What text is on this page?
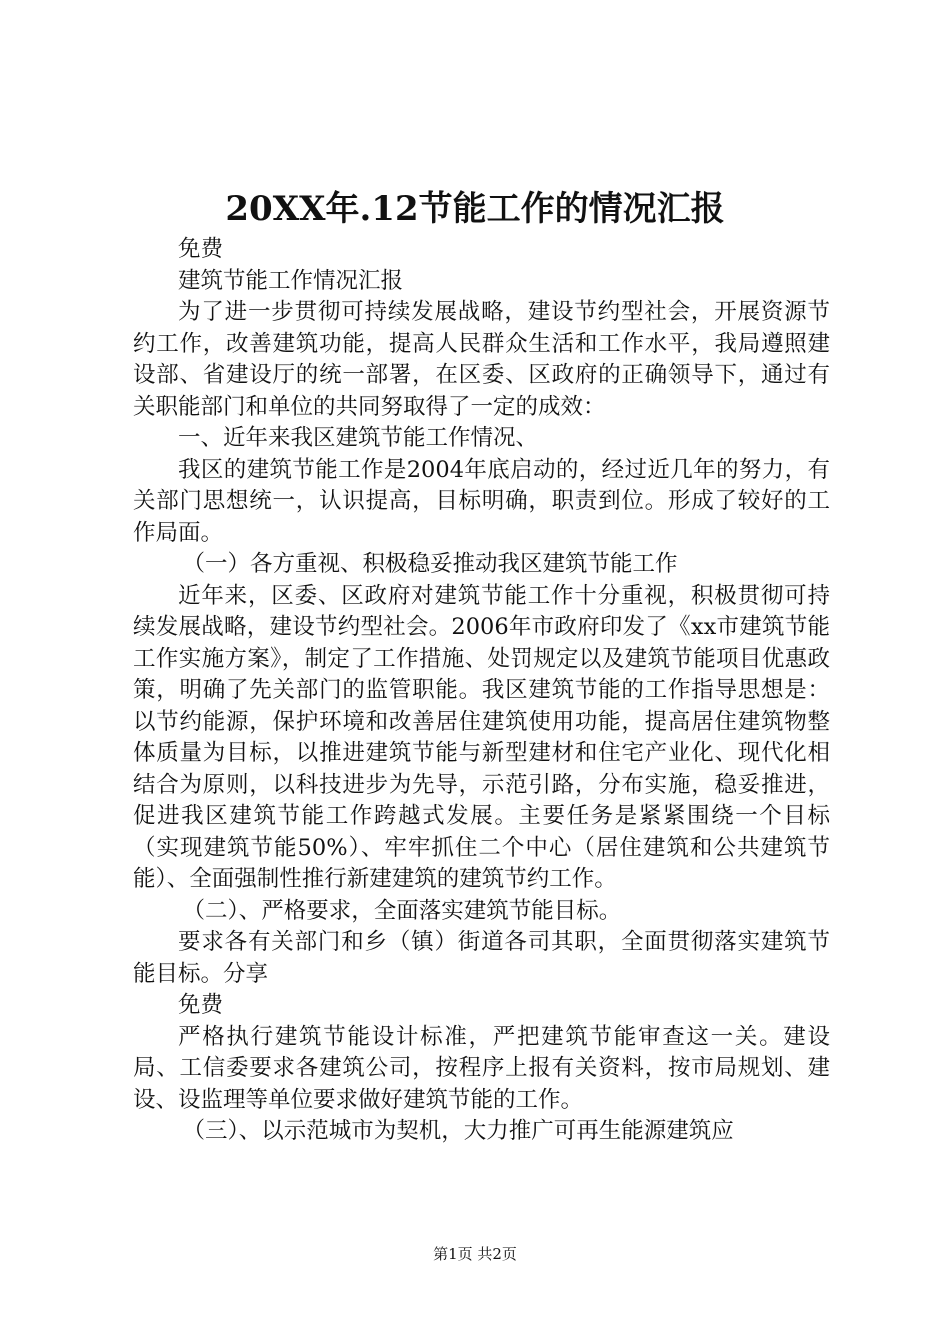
20XX年.12节能工作的情况汇报

免费

建筑节能工作情况汇报

为了进一步贯彻可持续发展战略，建设节约型社会，开展资源节约工作，改善建筑功能，提高人民群众生活和工作水平，我局遵照建设部、省建设厅的统一部署，在区委、区政府的正确领导下，通过有关职能部门和单位的共同努取得了一定的成效：

一、近年来我区建筑节能工作情况、

我区的建筑节能工作是2004年底启动的，经过近几年的努力，有关部门思想统一，认识提高，目标明确，职责到位。形成了较好的工作局面。

（一）各方重视、积极稳妥推动我区建筑节能工作

近年来，区委、区政府对建筑节能工作十分重视，积极贯彻可持续发展战略，建设节约型社会。2006年市政府印发了《xx市建筑节能工作实施方案》，制定了工作措施、处罚规定以及建筑节能项目优惠政策，明确了先关部门的监管职能。我区建筑节能的工作指导思想是：以节约能源，保护环境和改善居住建筑使用功能，提高居住建筑物整体质量为目标，以推进建筑节能与新型建材和住宅产业化、现代化相结合为原则，以科技进步为先导，示范引路，分布实施，稳妥推进，促进我区建筑节能工作跨越式发展。主要任务是紧紧围绕一个目标（实现建筑节能50%）、牢牢抓住二个中心（居住建筑和公共建筑节能）、全面强制性推行新建建筑的建筑节约工作。

（二）、严格要求，全面落实建筑节能目标。

要求各有关部门和乡（镇）街道各司其职，全面贯彻落实建筑节能目标。分享

免费

严格执行建筑节能设计标准，严把建筑节能审查这一关。建设局、工信委要求各建筑公司，按程序上报有关资料，按市局规划、建设、设监理等单位要求做好建筑节能的工作。

（三）、以示范城市为契机，大力推广可再生能源建筑应

第1页 共2页
